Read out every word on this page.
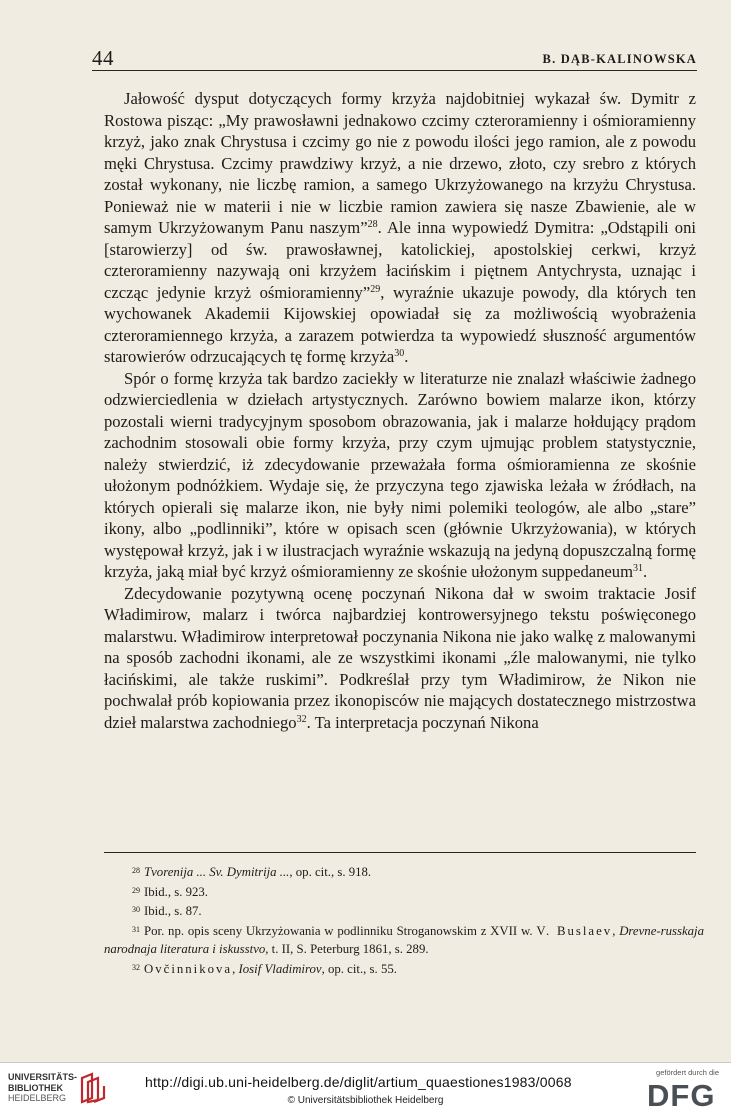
44	B. DĄB-KALINOWSKA

Jałowość dysput dotyczących formy krzyża najdobitniej wykazał św. Dymitr z Rostowa pisząc: „My prawosławni jednakowo czcimy czteroramienny i ośmioramienny krzyż, jako znak Chrystusa i czcimy go nie z powodu ilości jego ramion, ale z powodu męki Chrystusa. Czcimy prawdziwy krzyż, a nie drzewo, złoto, czy srebro z których został wykonany, nie liczbę ramion, a samego Ukrzyżowanego na krzyżu Chrystusa. Ponieważ nie w materii i nie w liczbie ramion zawiera się nasze Zbawienie, ale w samym Ukrzyżowanym Panu naszym”$^{28}$. Ale inna wypowiedź Dymitra: „Odstąpili oni [starowierzy] od św. prawosławnej, katolickiej, apostolskiej cerkwi, krzyż czteroramienny nazywają oni krzyżem łacińskim i piętnem Antychrysta, uznając i czcząc jedynie krzyż ośmioramienny”$^{29}$, wyraźnie ukazuje powody, dla których ten wychowanek Akademii Kijowskiej opowiadał się za możliwością wyobrażenia czteroramiennego krzyża, a zarazem potwierdza ta wypowiedź słuszność argumentów starowierów odrzucających tę formę krzyża$^{30}$.

Spór o formę krzyża tak bardzo zaciekły w literaturze nie znalazł właściwie żadnego odzwierciedlenia w dziełach artystycznych. Zarówno bowiem malarze ikon, którzy pozostali wierni tradycyjnym sposobom obrazowania, jak i malarze hołdujący prądom zachodnim stosowali obie formy krzyża, przy czym ujmując problem statystycznie, należy stwierdzić, iż zdecydowanie przeważała forma ośmioramienna ze skośnie ułożonym podnóżkiem. Wydaje się, że przyczyna tego zjawiska leżała w źródłach, na których opierali się malarze ikon, nie były nimi polemiki teologów, ale albo „stare” ikony, albo „podlinniki”, które w opisach scen (głównie Ukrzyżowania), w których występował krzyż, jak i w ilustracjach wyraźnie wskazują na jedyną dopuszczalną formę krzyża, jaką miał być krzyż ośmioramienny ze skośnie ułożonym suppedaneum$^{31}$.

Zdecydowanie pozytywną ocenę poczynań Nikona dał w swoim traktacie Josif Władimirow, malarz i twórca najbardziej kontrowersyjnego tekstu poświęconego malarstwu. Władimirow interpretował poczynania Nikona nie jako walkę z malowanymi na sposób zachodni ikonami, ale ze wszystkimi ikonami „źle malowanymi, nie tylko łacińskimi, ale także ruskimi”. Podkreślał przy tym Władimirow, że Nikon nie pochwalał prób kopiowania przez ikonopisców nie mających dostatecznego mistrzostwa dzieł malarstwa zachodniego$^{32}$. Ta interpretacja poczynań Nikona

$^{28}$ Tvorenija ... Sv. Dymitrija ..., op. cit., s. 918.

$^{29}$ Ibid., s. 923.

$^{30}$ Ibid., s. 87.

$^{31}$ Por. np. opis sceny Ukrzyżowania w podlinniku Stroganowskim z XVII w. V. Buslaev, Drevne-russkaja narodnaja literatura i iskusstvo, t. II, S. Peterburg 1861, s. 289.

$^{32}$ Ovčinnikova, Iosif Vladimirov, op. cit., s. 55.

UNIVERSITÄTS-
BIBLIOTHEK
HEIDELBERG
http://digi.ub.uni-heidelberg.de/diglit/artium_quaestiones1983/0068
© Universitätsbibliothek Heidelberg
gefördert durch die
DFG
